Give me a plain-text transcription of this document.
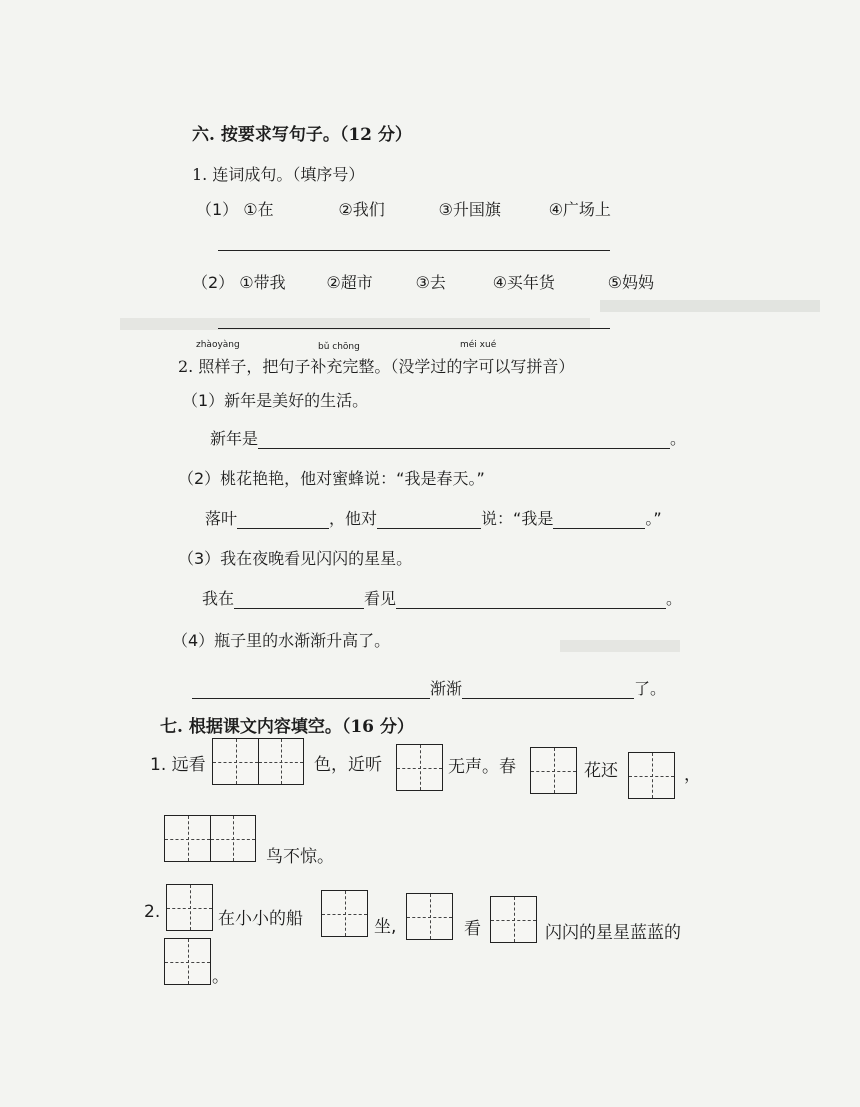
六. 按要求写句子。（12 分）
1. 连词成句。（填序号）
（1） ①在	②我们	③升国旗	④广场上
（2） ①带我	②超市	③去	④买年货	⑤妈妈
zhàoyàng	bǔ chōng	méi xué
2. 照样子，把句子补充完整。（没学过的字可以写拼音）
（1）新年是美好的生活。
新年是	。
（2）桃花艳艳，他对蜜蜂说：“我是春天。”
落叶	，他对	说：“我是	。”
（3）我在夜晚看见闪闪的星星。
我在	看见	。
（4）瓶子里的水渐渐升高了。
渐渐	了。
七. 根据课文内容填空。（16 分）
1. 远看	色，近听	无声。春	花还	，
鸟不惊。
2.	在小小的船	坐,	看	闪闪的星星蓝蓝的
。
